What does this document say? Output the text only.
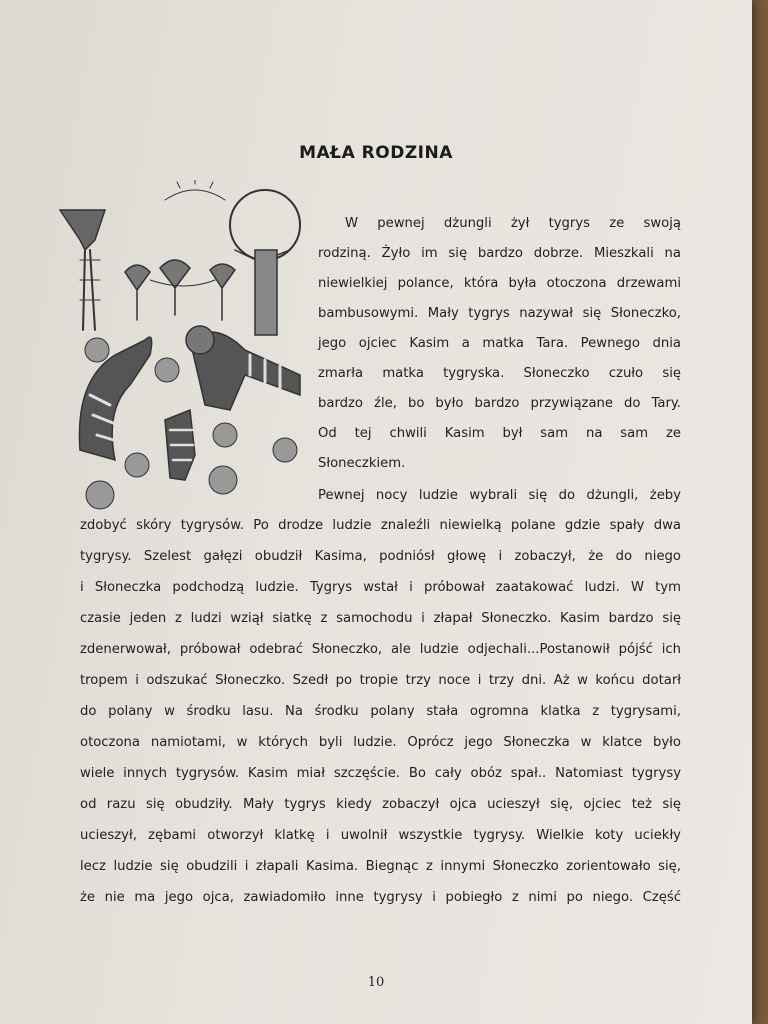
MAŁA RODZINA
W pewnej dżungli żył tygrys ze swoją
rodziną. Żyło im się bardzo dobrze. Mieszkali na
niewielkiej polance, która była otoczona drzewami
bambusowymi. Mały tygrys nazywał się Słoneczko,
jego ojciec Kasim a matka Tara. Pewnego dnia
zmarła matka tygryska. Słoneczko czuło się
bardzo źle, bo było bardzo przywiązane do Tary.
Od tej chwili Kasim był sam na sam ze
Słoneczkiem.
Pewnej nocy ludzie wybrali się do dżungli, żeby
zdobyć skóry tygrysów. Po drodze ludzie znaleźli niewielką polane gdzie spały dwa
tygrysy. Szelest gałęzi obudził Kasima, podniósł głowę i zobaczył, że do niego
i Słoneczka podchodzą ludzie. Tygrys wstał i próbował zaatakować ludzi. W tym
czasie jeden z ludzi wziął siatkę z samochodu i złapał Słoneczko. Kasim bardzo się
zdenerwował, próbował odebrać Słoneczko, ale ludzie odjechali...Postanowił pójść ich
tropem i odszukać Słoneczko. Szedł po tropie trzy noce i trzy dni. Aż w końcu dotarł
do polany w środku lasu. Na środku polany stała ogromna klatka z tygrysami,
otoczona namiotami, w których byli ludzie. Oprócz jego Słoneczka w klatce było
wiele innych tygrysów. Kasim miał szczęście. Bo cały obóz spał.. Natomiast tygrysy
od razu się obudziły. Mały tygrys kiedy zobaczył ojca ucieszył się, ojciec też się
ucieszył, zębami otworzył klatkę i uwolnił wszystkie tygrysy. Wielkie koty uciekły
lecz ludzie się obudzili i złapali Kasima. Biegnąc z innymi Słoneczko zorientowało się,
że nie ma jego ojca, zawiadomiło inne tygrysy i pobiegło z nimi po niego. Część
10
